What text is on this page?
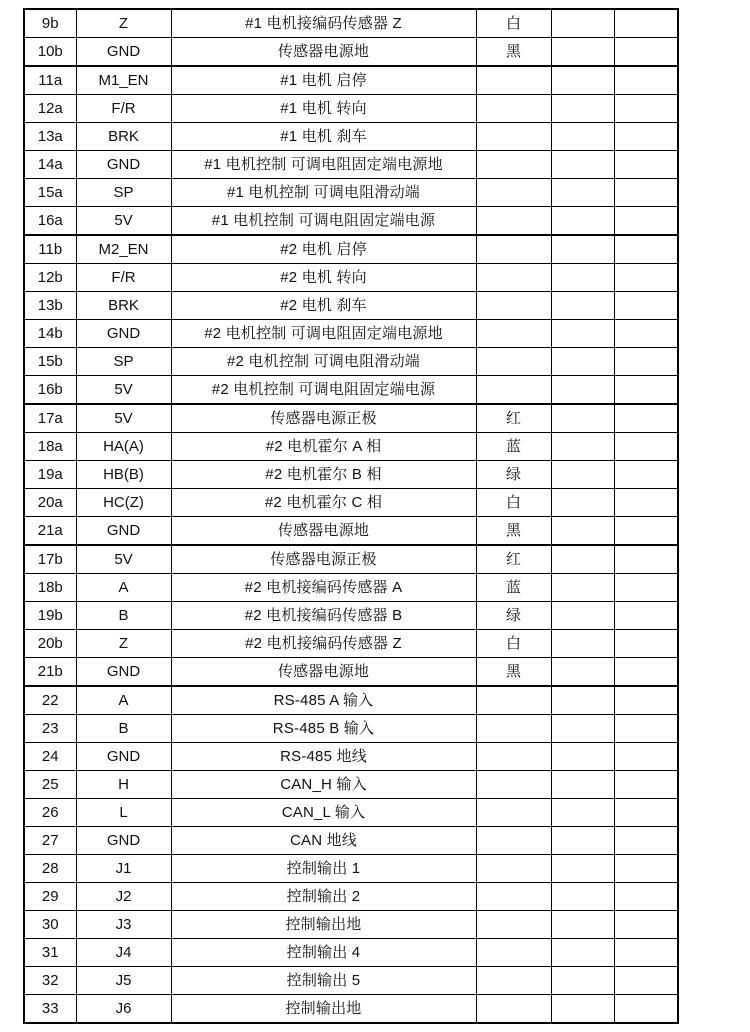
9b	Z	#1 电机接编码传感器 Z	白		
10b	GND	传感器电源地	黑		
11a	M1_EN	#1 电机 启停			
12a	F/R	#1 电机 转向			
13a	BRK	#1 电机 刹车			
14a	GND	#1 电机控制 可调电阻固定端电源地			
15a	SP	#1 电机控制 可调电阻滑动端			
16a	5V	#1 电机控制 可调电阻固定端电源			
11b	M2_EN	#2 电机 启停			
12b	F/R	#2 电机 转向			
13b	BRK	#2 电机 刹车			
14b	GND	#2 电机控制 可调电阻固定端电源地			
15b	SP	#2 电机控制 可调电阻滑动端			
16b	5V	#2 电机控制 可调电阻固定端电源			
17a	5V	传感器电源正极	红		
18a	HA(A)	#2 电机霍尔 A 相	蓝		
19a	HB(B)	#2 电机霍尔 B 相	绿		
20a	HC(Z)	#2 电机霍尔 C 相	白		
21a	GND	传感器电源地	黑		
17b	5V	传感器电源正极	红		
18b	A	#2 电机接编码传感器 A	蓝		
19b	B	#2 电机接编码传感器 B	绿		
20b	Z	#2 电机接编码传感器 Z	白		
21b	GND	传感器电源地	黑		
22	A	RS-485 A 输入			
23	B	RS-485 B 输入			
24	GND	RS-485 地线			
25	H	CAN_H 输入			
26	L	CAN_L 输入			
27	GND	CAN 地线			
28	J1	控制输出 1			
29	J2	控制输出 2			
30	J3	控制输出地			
31	J4	控制输出 4			
32	J5	控制输出 5			
33	J6	控制输出地			
